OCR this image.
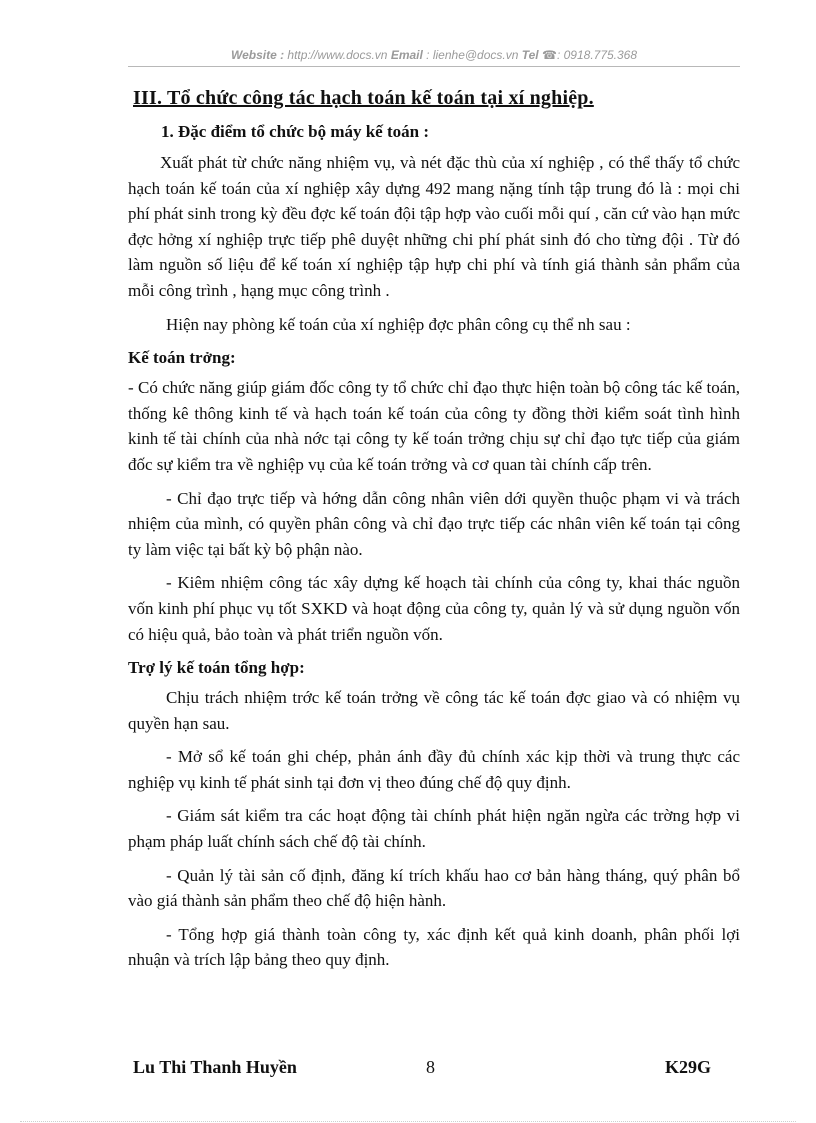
Website : http://www.docs.vn Email : lienhe@docs.vn Tel ☎: 0918.775.368
III. Tổ chức công tác hạch toán kế toán tại xí nghiệp.
1. Đặc điểm tổ chức bộ máy kế toán :

Xuất phát từ chức năng nhiệm vụ, và nét đặc thù của xí nghiệp , có thể thấy tổ chức hạch toán kế toán của xí nghiệp xây dựng 492 mang nặng tính tập trung đó là : mọi chi phí phát sinh trong kỳ đều đợc kế toán đội tập hợp vào cuối mỗi quí , căn cứ vào hạn mức đợc hởng xí nghiệp trực tiếp phê duyệt những chi phí phát sinh đó cho từng đội . Từ đó làm nguồn số liệu để kế toán xí nghiệp tập hựp chi phí và tính giá thành sản phẩm của mỗi công trình , hạng mục công trình .

Hiện nay phòng kế toán của xí nghiệp đợc phân công cụ thể nh sau :

Kế toán trởng:

- Có chức năng giúp giám đốc công ty tổ chức chỉ đạo thực hiện toàn bộ công tác kế toán, thống kê thông kinh tế và hạch toán kế toán của công ty đồng thời kiểm soát tình hình kinh tế tài chính của nhà nớc tại công ty kế toán trởng chịu sự chỉ đạo tực tiếp của giám đốc sự kiểm tra về nghiệp vụ của kế toán trởng và cơ quan tài chính cấp trên.

- Chỉ đạo trực tiếp và hớng dẫn công nhân viên dới quyền thuộc phạm vi và trách nhiệm của mình, có quyền phân công và chỉ đạo trực tiếp các nhân viên kế toán tại công ty làm việc tại bất kỳ bộ phận nào.

- Kiêm nhiệm công tác xây dựng kế hoạch tài chính của công ty, khai thác nguồn vốn kinh phí phục vụ tốt SXKD và hoạt động của công ty, quản lý và sử dụng nguồn vốn có hiệu quả, bảo toàn và phát triển nguồn vốn.

Trợ lý kế toán tổng hợp:

Chịu trách nhiệm trớc kế toán trởng về công tác kế toán đợc giao và có nhiệm vụ quyền hạn sau.

- Mở sổ kế toán ghi chép, phản ánh đầy đủ chính xác kịp thời và trung thực các nghiệp vụ kinh tế phát sinh tại đơn vị theo đúng chế độ quy định.

- Giám sát kiểm tra các hoạt động tài chính phát hiện ngăn ngừa các trờng hợp vi phạm pháp luất chính sách chế độ tài chính.

- Quản lý tài sản cố định, đăng kí trích khấu hao cơ bản hàng tháng, quý phân bổ vào giá thành sản phẩm theo chế độ hiện hành.

- Tổng hợp giá thành toàn công ty, xác định kết quả kinh doanh, phân phối lợi nhuận và trích lập bảng theo quy định.

Lu Thi Thanh Huyền	8	K29G
